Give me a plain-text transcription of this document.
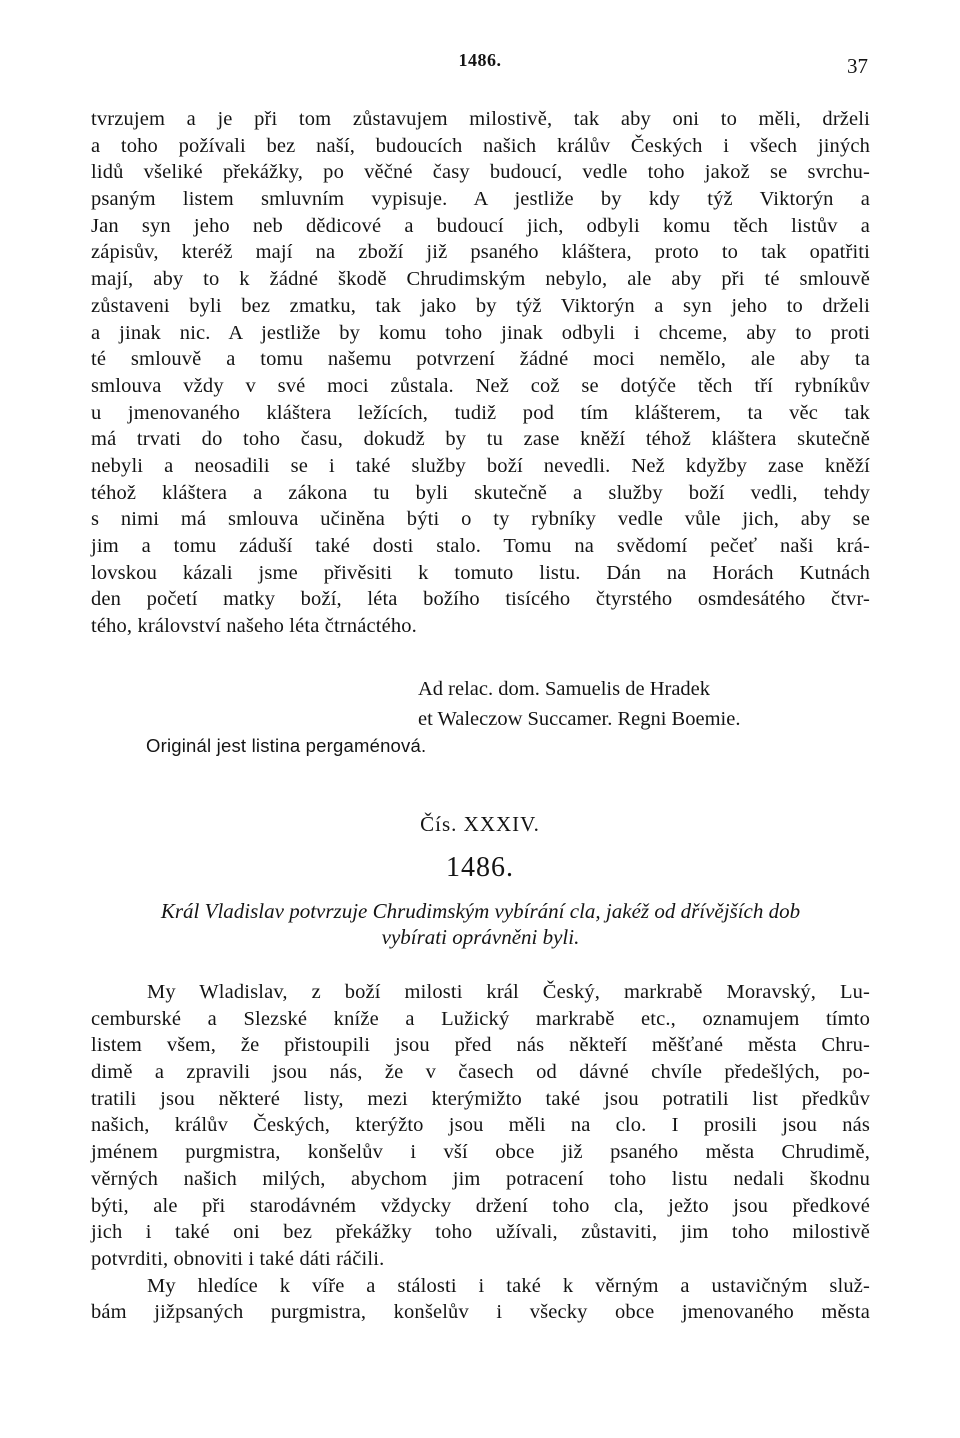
1486.	37
tvrzujem a je při tom zůstavujem milostivě, tak aby oni to měli, drželi
a toho požívali bez naší, budoucích našich králův Českých i všech jiných
lidů všeliké překážky, po věčné časy budoucí, vedle toho jakož se svrchu-
psaným listem smluvním vypisuje. A jestliže by kdy týž Viktorýn a
Jan syn jeho neb dědicové a budoucí jich, odbyli komu těch listův a
zápisův, kteréž mají na zboží již psaného kláštera, proto to tak opatřiti
mají, aby to k žádné škodě Chrudimským nebylo, ale aby při té smlouvě
zůstaveni byli bez zmatku, tak jako by týž Viktorýn a syn jeho to drželi
a jinak nic. A jestliže by komu toho jinak odbyli i chceme, aby to proti
té smlouvě a tomu našemu potvrzení žádné moci nemělo, ale aby ta
smlouva vždy v své moci zůstala. Než což se dotýče těch tří rybníkův
u jmenovaného kláštera ležících, tudiž pod tím klášterem, ta věc tak
má trvati do toho času, dokudž by tu zase kněží téhož kláštera skutečně
nebyli a neosadili se i také služby boží nevedli. Než kdyžby zase kněží
téhož kláštera a zákona tu byli skutečně a služby boží vedli, tehdy
s nimi má smlouva učiněna býti o ty rybníky vedle vůle jich, aby se
jim a tomu záduší také dosti stalo. Tomu na svědomí pečeť naši krá-
lovskou kázali jsme přivěsiti k tomuto listu. Dán na Horách Kutnách
den početí matky boží, léta božího tisícého čtyrstého osmdesátého čtvr-
tého, království našeho léta čtrnáctého.
Ad relac. dom. Samuelis de Hradek
et Waleczow Succamer. Regni Boemie.
Originál jest listina pergaménová.
Čís. XXXIV.
1486.
Král Vladislav potvrzuje Chrudimským vybírání cla, jakéž od dřívějších dob
vybírati oprávněni byli.
My Wladislav, z boží milosti král Český, markrabě Moravský, Lu-
cemburské a Slezské kníže a Lužický markrabě etc., oznamujem tímto
listem všem, že přistoupili jsou před nás někteří měšťané města Chru-
dimě a zpravili jsou nás, že v časech od dávné chvíle předešlých, po-
tratili jsou některé listy, mezi kterýmižto také jsou potratili list předkův
našich, králův Českých, kterýžto jsou měli na clo. I prosili jsou nás
jménem purgmistra, konšelův i vší obce již psaného města Chrudimě,
věrných našich milých, abychom jim potracení toho listu nedali škodnu
býti, ale při starodávném vždycky držení toho cla, ježto jsou předkové
jich i také oni bez překážky toho užívali, zůstaviti, jim toho milostivě
potvrditi, obnoviti i také dáti ráčili.
My hledíce k víře a stálosti i také k věrným a ustavičným služ-
bám jižpsaných purgmistra, konšelův i všecky obce jmenovaného města
